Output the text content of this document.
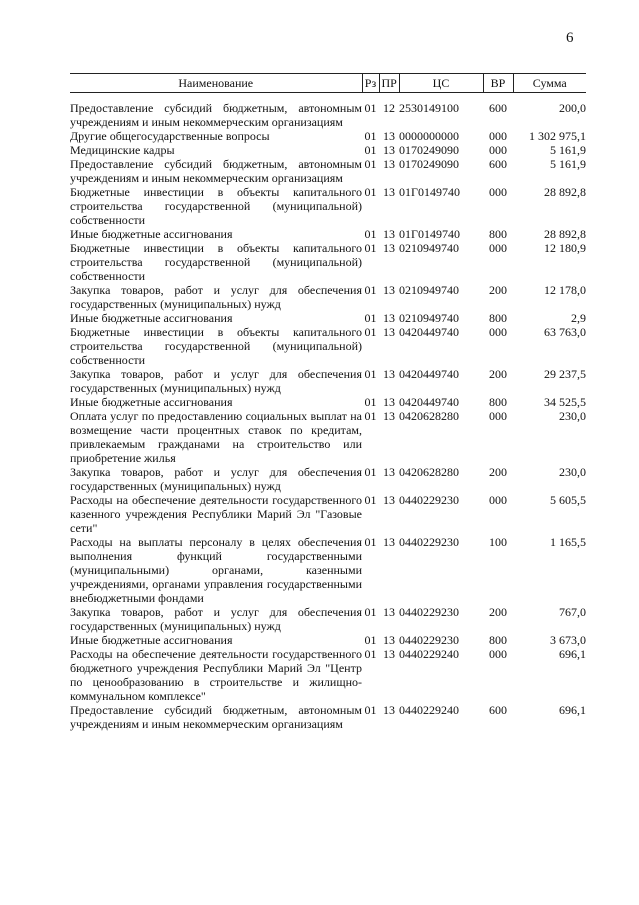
6
Наименование	Рз	ПР	ЦС	ВР	Сумма
Предоставление субсидий бюджетным, автономным учреждениям и иным некоммерческим организациям	01	12	2530149100	600	200,0
Другие общегосударственные вопросы	01	13	0000000000	000	1 302 975,1
Медицинские кадры	01	13	0170249090	000	5 161,9
Предоставление субсидий бюджетным, автономным учреждениям и иным некоммерческим организациям	01	13	0170249090	600	5 161,9
Бюджетные инвестиции в объекты капитального строительства государственной (муниципальной) собственности	01	13	01Г0149740	000	28 892,8
Иные бюджетные ассигнования	01	13	01Г0149740	800	28 892,8
Бюджетные инвестиции в объекты капитального строительства государственной (муниципальной) собственности	01	13	0210949740	000	12 180,9
Закупка товаров, работ и услуг для обеспечения государственных (муниципальных) нужд	01	13	0210949740	200	12 178,0
Иные бюджетные ассигнования	01	13	0210949740	800	2,9
Бюджетные инвестиции в объекты капитального строительства государственной (муниципальной) собственности	01	13	0420449740	000	63 763,0
Закупка товаров, работ и услуг для обеспечения государственных (муниципальных) нужд	01	13	0420449740	200	29 237,5
Иные бюджетные ассигнования	01	13	0420449740	800	34 525,5
Оплата услуг по предоставлению социальных выплат на возмещение части процентных ставок по кредитам, привлекаемым гражданами на строительство или приобретение жилья	01	13	0420628280	000	230,0
Закупка товаров, работ и услуг для обеспечения государственных (муниципальных) нужд	01	13	0420628280	200	230,0
Расходы на обеспечение деятельности государственного казенного учреждения Республики Марий Эл "Газовые сети"	01	13	0440229230	000	5 605,5
Расходы на выплаты персоналу в целях обеспечения выполнения функций государственными (муниципальными) органами, казенными учреждениями, органами управления государственными внебюджетными фондами	01	13	0440229230	100	1 165,5
Закупка товаров, работ и услуг для обеспечения государственных (муниципальных) нужд	01	13	0440229230	200	767,0
Иные бюджетные ассигнования	01	13	0440229230	800	3 673,0
Расходы на обеспечение деятельности государственного бюджетного учреждения Республики Марий Эл "Центр по ценообразованию в строительстве и жилищно-коммунальном комплексе"	01	13	0440229240	000	696,1
Предоставление субсидий бюджетным, автономным учреждениям и иным некоммерческим организациям	01	13	0440229240	600	696,1
